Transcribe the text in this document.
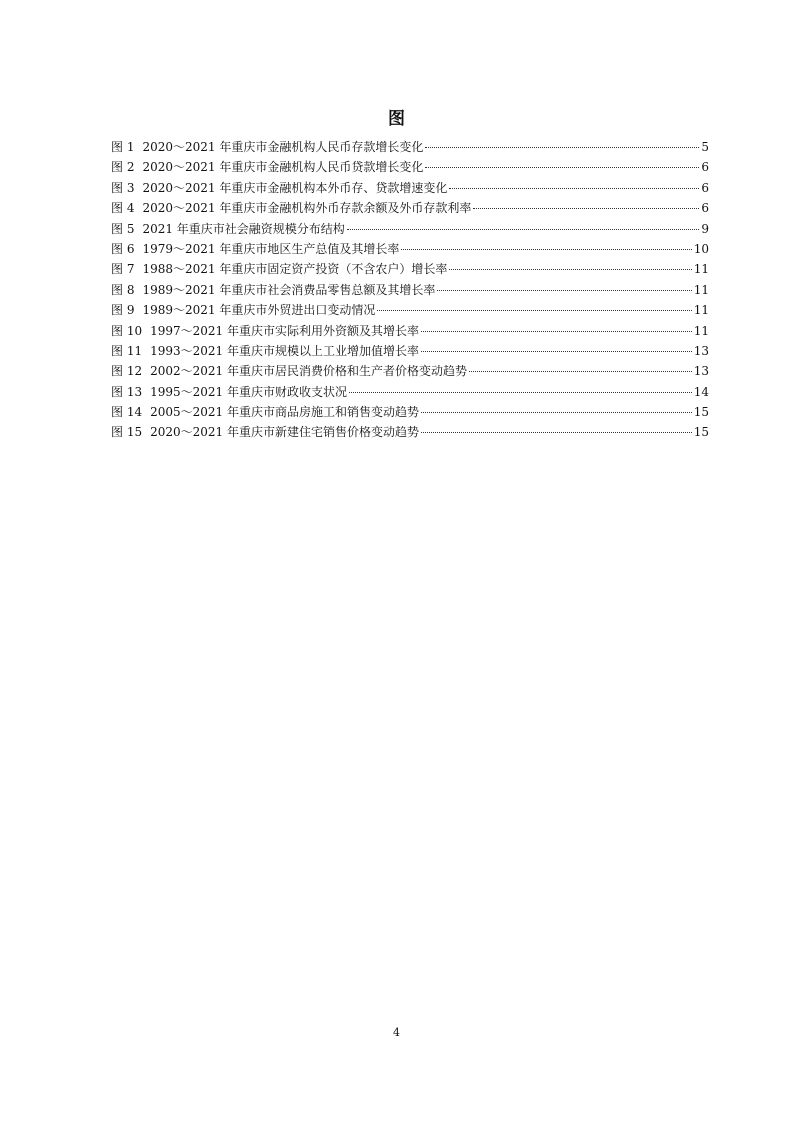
图
图 1 2020～2021 年重庆市金融机构人民币存款增长变化	5
图 2 2020～2021 年重庆市金融机构人民币贷款增长变化	6
图 3 2020～2021 年重庆市金融机构本外币存、贷款增速变化	6
图 4 2020～2021 年重庆市金融机构外币存款余额及外币存款利率	6
图 5 2021 年重庆市社会融资规模分布结构	9
图 6 1979～2021 年重庆市地区生产总值及其增长率	10
图 7 1988～2021 年重庆市固定资产投资（不含农户）增长率	11
图 8 1989～2021 年重庆市社会消费品零售总额及其增长率	11
图 9 1989～2021 年重庆市外贸进出口变动情况	11
图 10 1997～2021 年重庆市实际利用外资额及其增长率	11
图 11 1993～2021 年重庆市规模以上工业增加值增长率	13
图 12 2002～2021 年重庆市居民消费价格和生产者价格变动趋势	13
图 13 1995～2021 年重庆市财政收支状况	14
图 14 2005～2021 年重庆市商品房施工和销售变动趋势	15
图 15 2020～2021 年重庆市新建住宅销售价格变动趋势	15
4
